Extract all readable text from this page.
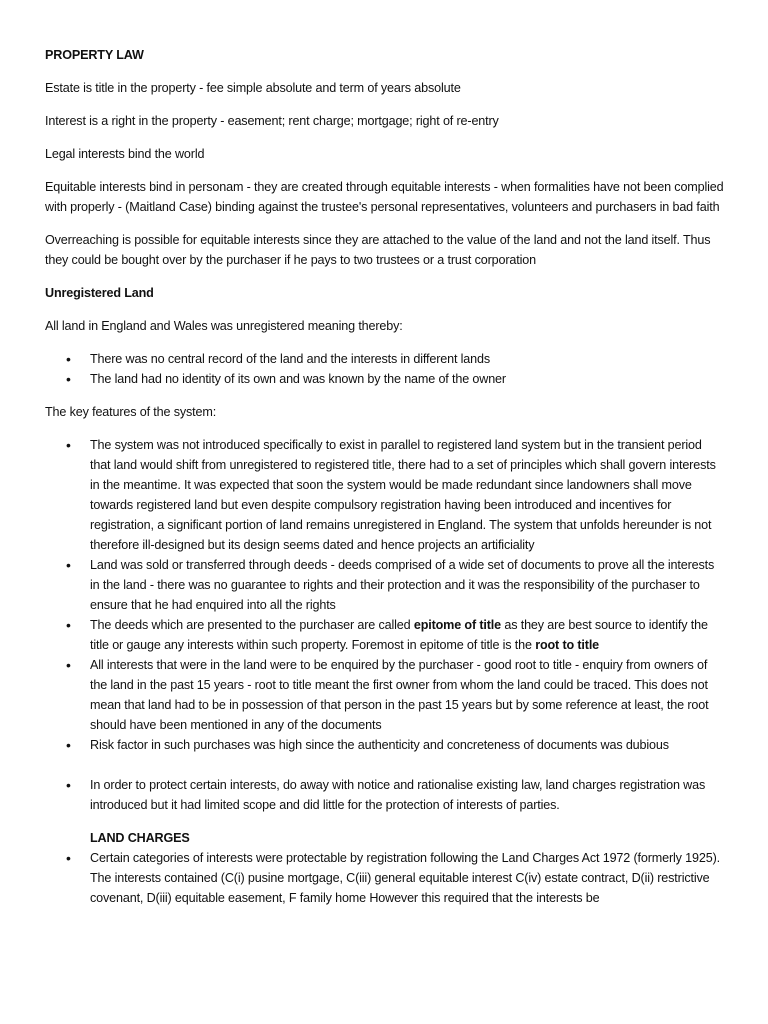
PROPERTY LAW

Estate is title in the property - fee simple absolute and term of years absolute

Interest is a right in the property - easement; rent charge; mortgage; right of re-entry

Legal interests bind the world

Equitable interests bind in personam - they are created through equitable interests - when formalities have not been complied with properly - (Maitland Case) binding against the trustee's personal representatives, volunteers and purchasers in bad faith

Overreaching is possible for equitable interests since they are attached to the value of the land and not the land itself. Thus they could be bought over by the purchaser if he pays to two trustees or a trust corporation

Unregistered Land

All land in England and Wales was unregistered meaning thereby:

• There was no central record of the land and the interests in different lands
• The land had no identity of its own and was known by the name of the owner

The key features of the system:

• The system was not introduced specifically to exist in parallel to registered land system but in the transient period that land would shift from unregistered to registered title, there had to a set of principles which shall govern interests in the meantime. It was expected that soon the system would be made redundant since landowners shall move towards registered land but even despite compulsory registration having been introduced and incentives for registration, a significant portion of land remains unregistered in England. The system that unfolds hereunder is not therefore ill-designed but its design seems dated and hence projects an artificiality
• Land was sold or transferred through deeds - deeds comprised of a wide set of documents to prove all the interests in the land - there was no guarantee to rights and their protection and it was the responsibility of the purchaser to ensure that he had enquired into all the rights
• The deeds which are presented to the purchaser are called epitome of title as they are best source to identify the title or gauge any interests within such property. Foremost in epitome of title is the root to title
• All interests that were in the land were to be enquired by the purchaser - good root to title - enquiry from owners of the land in the past 15 years - root to title meant the first owner from whom the land could be traced. This does not mean that land had to be in possession of that person in the past 15 years but by some reference at least, the root should have been mentioned in any of the documents
• Risk factor in such purchases was high since the authenticity and concreteness of documents was dubious
• In order to protect certain interests, do away with notice and rationalise existing law, land charges registration was introduced but it had limited scope and did little for the protection of interests of parties.

LAND CHARGES

• Certain categories of interests were protectable by registration following the Land Charges Act 1972 (formerly 1925). The interests contained (C(i) pusine mortgage, C(iii) general equitable interest C(iv) estate contract, D(ii) restrictive covenant, D(iii) equitable easement, F family home However this required that the interests be
